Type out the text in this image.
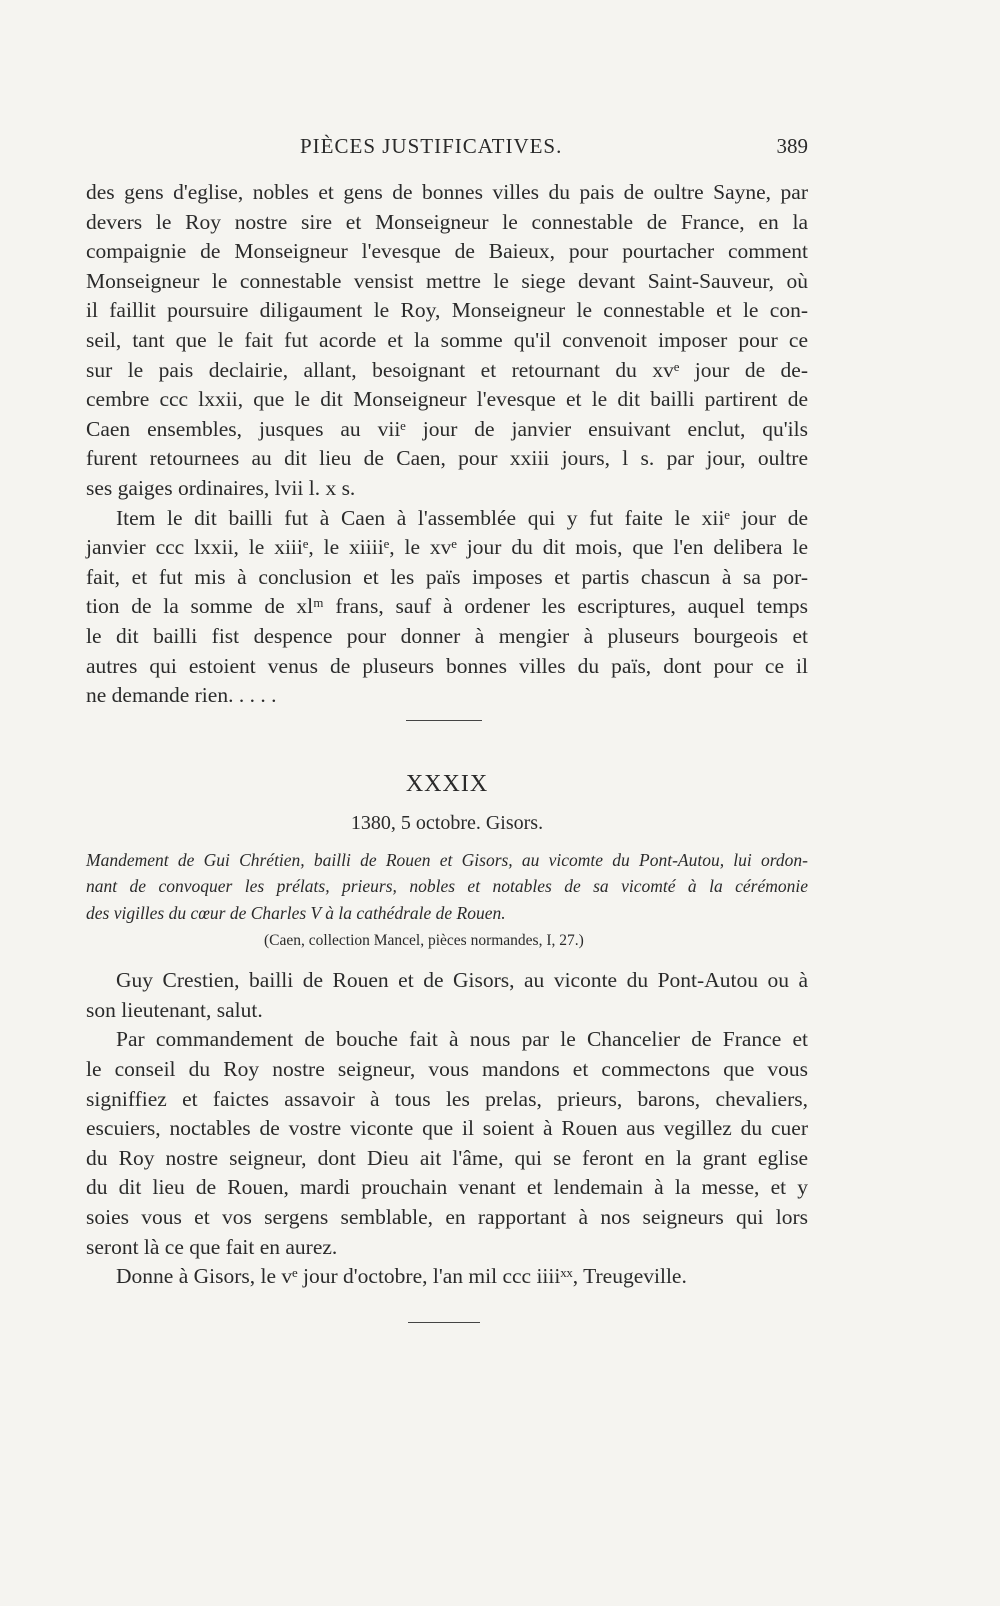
PIÈCES JUSTIFICATIVES.	389
des gens d'eglise, nobles et gens de bonnes villes du pais de oultre Sayne, par
devers le Roy nostre sire et Monseigneur le connestable de France, en la
compaignie de Monseigneur l'evesque de Baieux, pour pourtacher comment
Monseigneur le connestable vensist mettre le siege devant Saint-Sauveur, où
il faillit poursuire diligaument le Roy, Monseigneur le connestable et le con-
seil, tant que le fait fut acorde et la somme qu'il convenoit imposer pour ce
sur le pais declairie, allant, besoignant et retournant du xvᵉ jour de de-
cembre ccc lxxii, que le dit Monseigneur l'evesque et le dit bailli partirent de
Caen ensembles, jusques au viiᵉ jour de janvier ensuivant enclut, qu'ils
furent retournees au dit lieu de Caen, pour xxiii jours, l s. par jour, oultre
ses gaiges ordinaires, lvii l. x s.
Item le dit bailli fut à Caen à l'assemblée qui y fut faite le xiiᵉ jour de
janvier ccc lxxii, le xiiiᵉ, le xiiiiᵉ, le xvᵉ jour du dit mois, que l'en delibera le
fait, et fut mis à conclusion et les païs imposes et partis chascun à sa por-
tion de la somme de xlᵐ frans, sauf à ordener les escriptures, auquel temps
le dit bailli fist despence pour donner à mengier à pluseurs bourgeois et
autres qui estoient venus de pluseurs bonnes villes du païs, dont pour ce il
ne demande rien. . . . .
XXXIX
1380, 5 octobre. Gisors.
Mandement de Gui Chrétien, bailli de Rouen et Gisors, au vicomte du Pont-Autou, lui ordon-
nant de convoquer les prélats, prieurs, nobles et notables de sa vicomté à la cérémonie
des vigilles du cœur de Charles V à la cathédrale de Rouen.
(Caen, collection Mancel, pièces normandes, I, 27.)
Guy Crestien, bailli de Rouen et de Gisors, au viconte du Pont-Autou ou à
son lieutenant, salut.
Par commandement de bouche fait à nous par le Chancelier de France et
le conseil du Roy nostre seigneur, vous mandons et commectons que vous
signiffiez et faictes assavoir à tous les prelas, prieurs, barons, chevaliers,
escuiers, noctables de vostre viconte que il soient à Rouen aus vegillez du cuer
du Roy nostre seigneur, dont Dieu ait l'âme, qui se feront en la grant eglise
du dit lieu de Rouen, mardi prouchain venant et lendemain à la messe, et y
soies vous et vos sergens semblable, en rapportant à nos seigneurs qui lors
seront là ce que fait en aurez.
Donne à Gisors, le vᵉ jour d'octobre, l'an mil ccc iiiiˣˣ, Treugeville.
